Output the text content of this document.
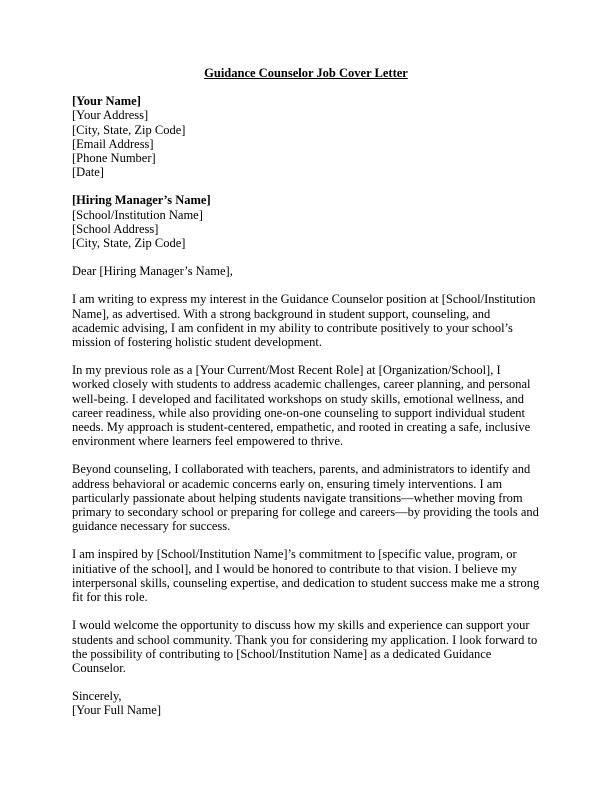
Guidance Counselor Job Cover Letter
[Your Name]
[Your Address]
[City, State, Zip Code]
[Email Address]
[Phone Number]
[Date]
[Hiring Manager’s Name]
[School/Institution Name]
[School Address]
[City, State, Zip Code]

Dear [Hiring Manager’s Name],

I am writing to express my interest in the Guidance Counselor position at [School/Institution Name], as advertised. With a strong background in student support, counseling, and academic advising, I am confident in my ability to contribute positively to your school’s mission of fostering holistic student development.

In my previous role as a [Your Current/Most Recent Role] at [Organization/School], I worked closely with students to address academic challenges, career planning, and personal well-being. I developed and facilitated workshops on study skills, emotional wellness, and career readiness, while also providing one-on-one counseling to support individual student needs. My approach is student-centered, empathetic, and rooted in creating a safe, inclusive environment where learners feel empowered to thrive.

Beyond counseling, I collaborated with teachers, parents, and administrators to identify and address behavioral or academic concerns early on, ensuring timely interventions. I am particularly passionate about helping students navigate transitions—whether moving from primary to secondary school or preparing for college and careers—by providing the tools and guidance necessary for success.

I am inspired by [School/Institution Name]’s commitment to [specific value, program, or initiative of the school], and I would be honored to contribute to that vision. I believe my interpersonal skills, counseling expertise, and dedication to student success make me a strong fit for this role.

I would welcome the opportunity to discuss how my skills and experience can support your students and school community. Thank you for considering my application. I look forward to the possibility of contributing to [School/Institution Name] as a dedicated Guidance Counselor.

Sincerely,
[Your Full Name]
